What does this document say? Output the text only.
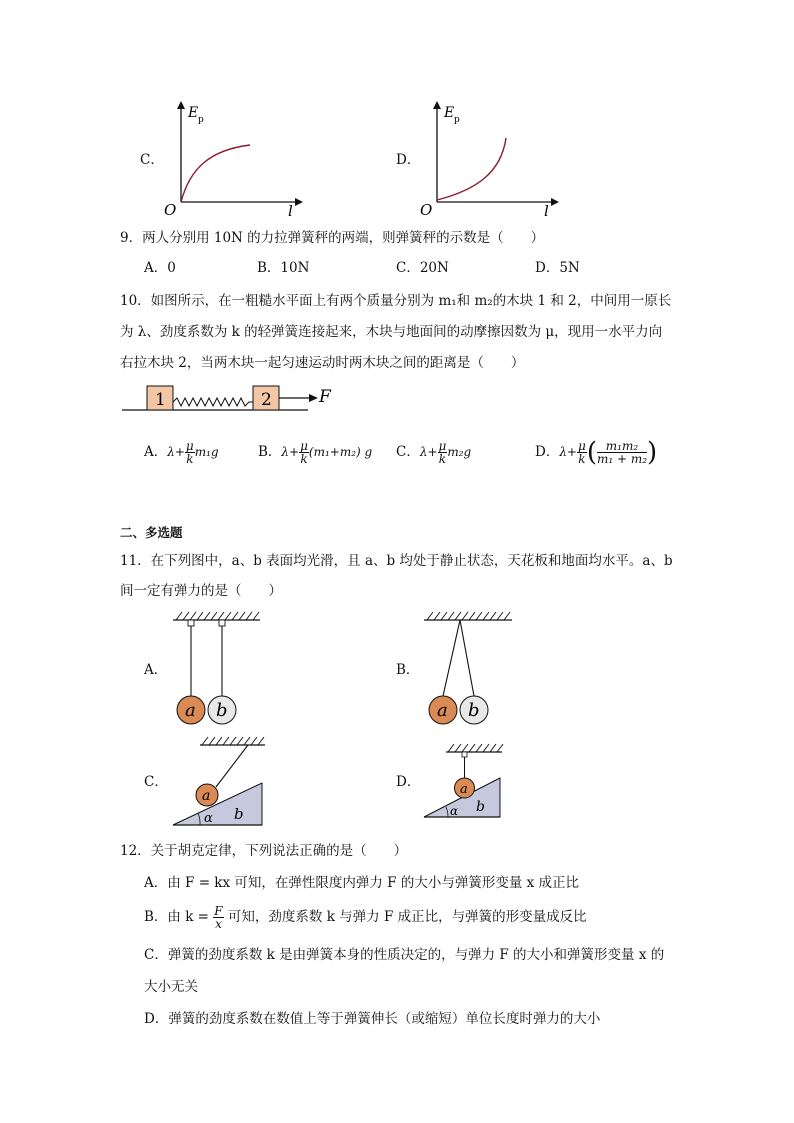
C．
E p
l
O
D．
E p
l
O
9．两人分别用 10N 的力拉弹簧秤的两端，则弹簧秤的示数是（　　）
A．0	B．10N	C．20N	D．5N
10．如图所示，在一粗糙水平面上有两个质量分别为 m₁和 m₂的木块 1 和 2，中间用一原长
为 λ、劲度系数为 k 的轻弹簧连接起来，木块与地面间的动摩擦因数为 μ，现用一水平力向
右拉木块 2，当两木块一起匀速运动时两木块之间的距离是（　　）
1	2	F
A．$\lambda+ \frac{\mu}{k} m_1g$	B．$\lambda+ \frac{\mu}{k} (m_1+m_2)$ g C．$\lambda+ \frac{\mu}{k} m_2g$	D．$\lambda+ \frac{\mu}{k}$ ( $\frac{\text{m₁m₂}}{\text{m₁ + m₂}}$ )
二、多选题
11．在下列图中，a、b 表面均光滑，且 a、b 均处于静止状态，天花板和地面均水平。a、b
间一定有弹力的是（　　）
A．
a b
B．
a b
C．
a
α b
D．	a
α b
12．关于胡克定律，下列说法正确的是（　　）
A．由 F = kx 可知，在弹性限度内弹力 F 的大小与弹簧形变量 x 成正比
B．由 $k = \frac{F}{x}$ 可知，劲度系数 k 与弹力 F 成正比，与弹簧的形变量成反比
C．弹簧的劲度系数 k 是由弹簧本身的性质决定的，与弹力 F 的大小和弹簧形变量 x 的
大小无关
D．弹簧的劲度系数在数值上等于弹簧伸长（或缩短）单位长度时弹力的大小
